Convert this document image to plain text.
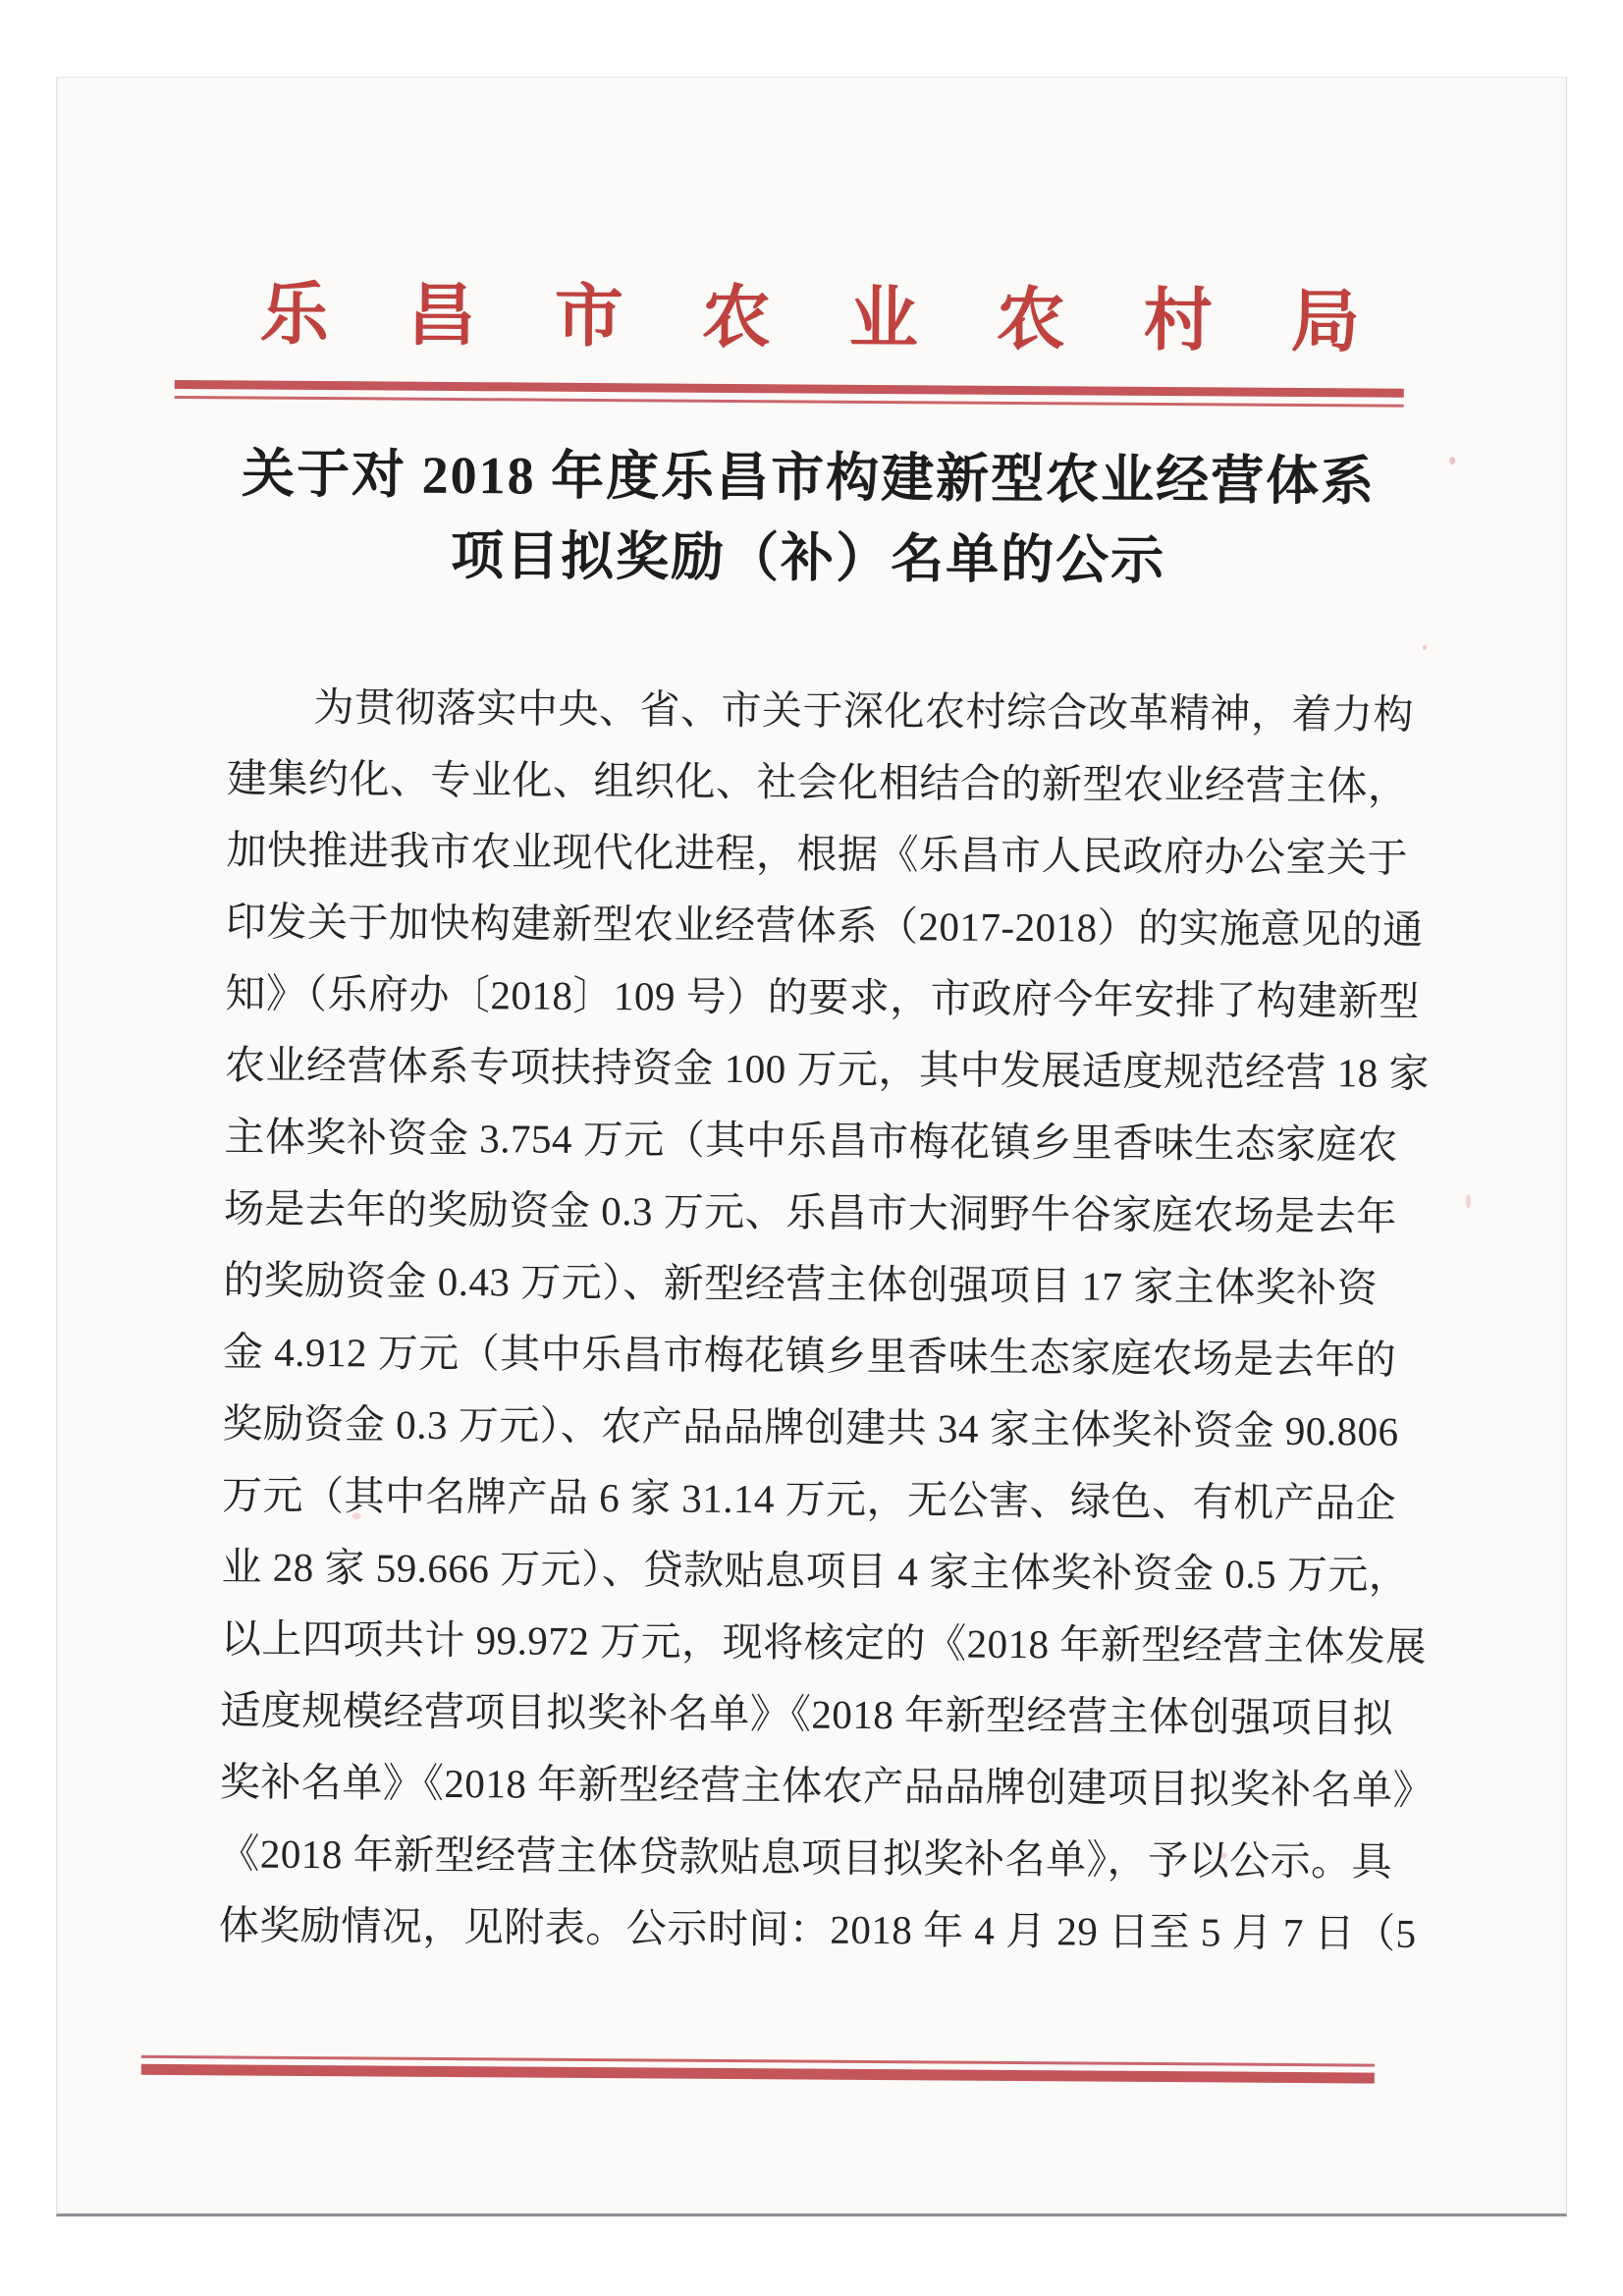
乐昌市农业农村局
关于对 2018 年度乐昌市构建新型农业经营体系
项目拟奖励（补）名单的公示
为贯彻落实中央、省、市关于深化农村综合改革精神，着力构
建集约化、专业化、组织化、社会化相结合的新型农业经营主体，
加快推进我市农业现代化进程，根据《乐昌市人民政府办公室关于
印发关于加快构建新型农业经营体系（2017-2018）的实施意见的通
知》（乐府办〔2018〕109 号）的要求，市政府今年安排了构建新型
农业经营体系专项扶持资金 100 万元，其中发展适度规范经营 18 家
主体奖补资金 3.754 万元（其中乐昌市梅花镇乡里香味生态家庭农
场是去年的奖励资金 0.3 万元、乐昌市大洞野牛谷家庭农场是去年
的奖励资金 0.43 万元）、新型经营主体创强项目 17 家主体奖补资
金 4.912 万元（其中乐昌市梅花镇乡里香味生态家庭农场是去年的
奖励资金 0.3 万元）、农产品品牌创建共 34 家主体奖补资金 90.806
万元（其中名牌产品 6 家 31.14 万元，无公害、绿色、有机产品企
业 28 家 59.666 万元）、贷款贴息项目 4 家主体奖补资金 0.5 万元，
以上四项共计 99.972 万元，现将核定的《2018 年新型经营主体发展
适度规模经营项目拟奖补名单》《2018 年新型经营主体创强项目拟
奖补名单》《2018 年新型经营主体农产品品牌创建项目拟奖补名单》
《2018 年新型经营主体贷款贴息项目拟奖补名单》，予以公示。具
体奖励情况，见附表。公示时间：2018 年 4 月 29 日至 5 月 7 日（5
